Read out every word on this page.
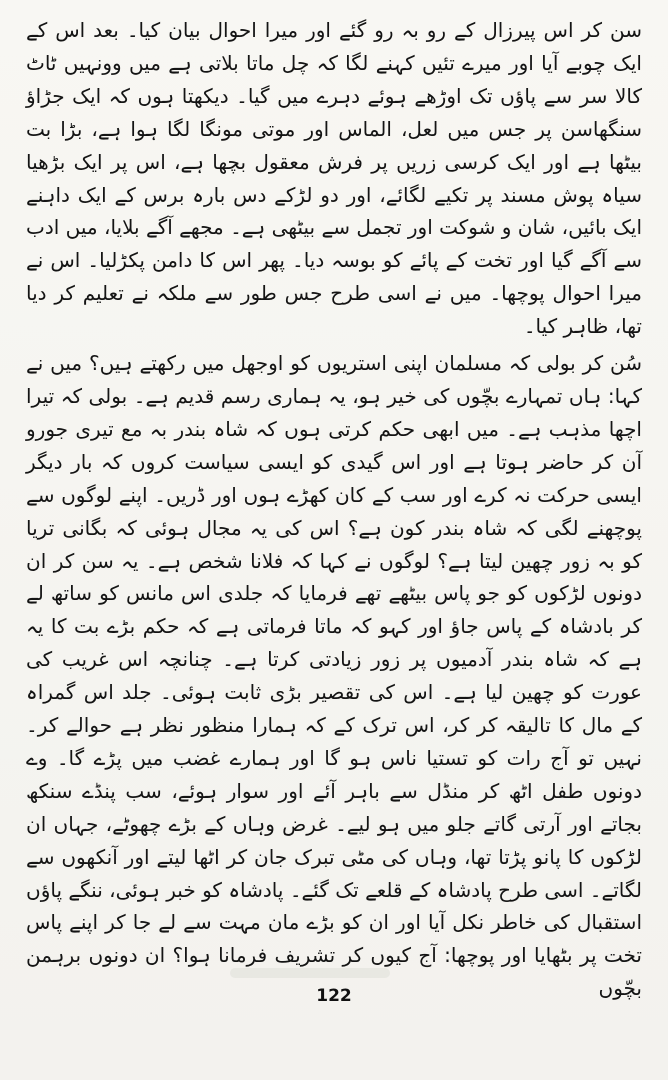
سن کر اس پیرزال کے رو بہ رو گئے اور میرا احوال بیان کیا۔ بعد اس کے ایک چوبے آیا اور میرے تئیں کہنے لگا کہ چل ماتا بلاتی ہے میں وونہیں ٹاٹ کالا سر سے پاؤں تک اوڑھے ہوئے دہرے میں گیا۔ دیکھتا ہوں کہ ایک جڑاؤ سنگھاسن پر جس میں لعل، الماس اور موتی مونگا لگا ہوا ہے، بڑا بت بیٹھا ہے اور ایک کرسی زریں پر فرش معقول بچھا ہے، اس پر ایک بڑھیا سیاہ پوش مسند پر تکیے لگائے، اور دو لڑکے دس بارہ برس کے ایک داہنے ایک بائیں، شان و شوکت اور تجمل سے بیٹھی ہے۔ مجھے آگے بلایا، میں ادب سے آگے گیا اور تخت کے پائے کو بوسہ دیا۔ پھر اس کا دامن پکڑلیا۔ اس نے میرا احوال پوچھا۔ میں نے اسی طرح جس طور سے ملکہ نے تعلیم کر دیا تھا، ظاہر کیا۔

سُن کر بولی کہ مسلمان اپنی استریوں کو اوجھل میں رکھتے ہیں؟ میں نے کہا: ہاں تمہارے بچّوں کی خیر ہو، یہ ہماری رسم قدیم ہے۔ بولی کہ تیرا اچھا مذہب ہے۔ میں ابھی حکم کرتی ہوں کہ شاہ بندر بہ مع تیری جورو آن کر حاضر ہوتا ہے اور اس گیدی کو ایسی سیاست کروں کہ بار دیگر ایسی حرکت نہ کرے اور سب کے کان کھڑے ہوں اور ڈریں۔ اپنے لوگوں سے پوچھنے لگی کہ شاہ بندر کون ہے؟ اس کی یہ مجال ہوئی کہ بگانی تریا کو بہ زور چھین لیتا ہے؟ لوگوں نے کہا کہ فلانا شخص ہے۔ یہ سن کر ان دونوں لڑکوں کو جو پاس بیٹھے تھے فرمایا کہ جلدی اس مانس کو ساتھ لے کر بادشاہ کے پاس جاؤ اور کہو کہ ماتا فرماتی ہے کہ حکم بڑے بت کا یہ ہے کہ شاہ بندر آدمیوں پر زور زیادتی کرتا ہے۔ چنانچہ اس غریب کی عورت کو چھین لیا ہے۔ اس کی تقصیر بڑی ثابت ہوئی۔ جلد اس گمراہ کے مال کا تالیقہ کر کر، اس ترک کے کہ ہمارا منظور نظر ہے حوالے کر۔ نہیں تو آج رات کو تستیا ناس ہو گا اور ہمارے غضب میں پڑے گا۔ وے دونوں طفل اٹھ کر منڈل سے باہر آئے اور سوار ہوئے، سب پنڈے سنکھ بجاتے اور آرتی گاتے جلو میں ہو لیے۔ غرض وہاں کے بڑے چھوٹے، جہاں ان لڑکوں کا پانو پڑتا تھا، وہاں کی مٹی تبرک جان کر اٹھا لیتے اور آنکھوں سے لگاتے۔ اسی طرح پادشاہ کے قلعے تک گئے۔ پادشاہ کو خبر ہوئی، ننگے پاؤں استقبال کی خاطر نکل آیا اور ان کو بڑے مان مہت سے لے جا کر اپنے پاس تخت پر بٹھایا اور پوچھا: آج کیوں کر تشریف فرمانا ہوا؟ ان دونوں برہمن بچّوں

122
